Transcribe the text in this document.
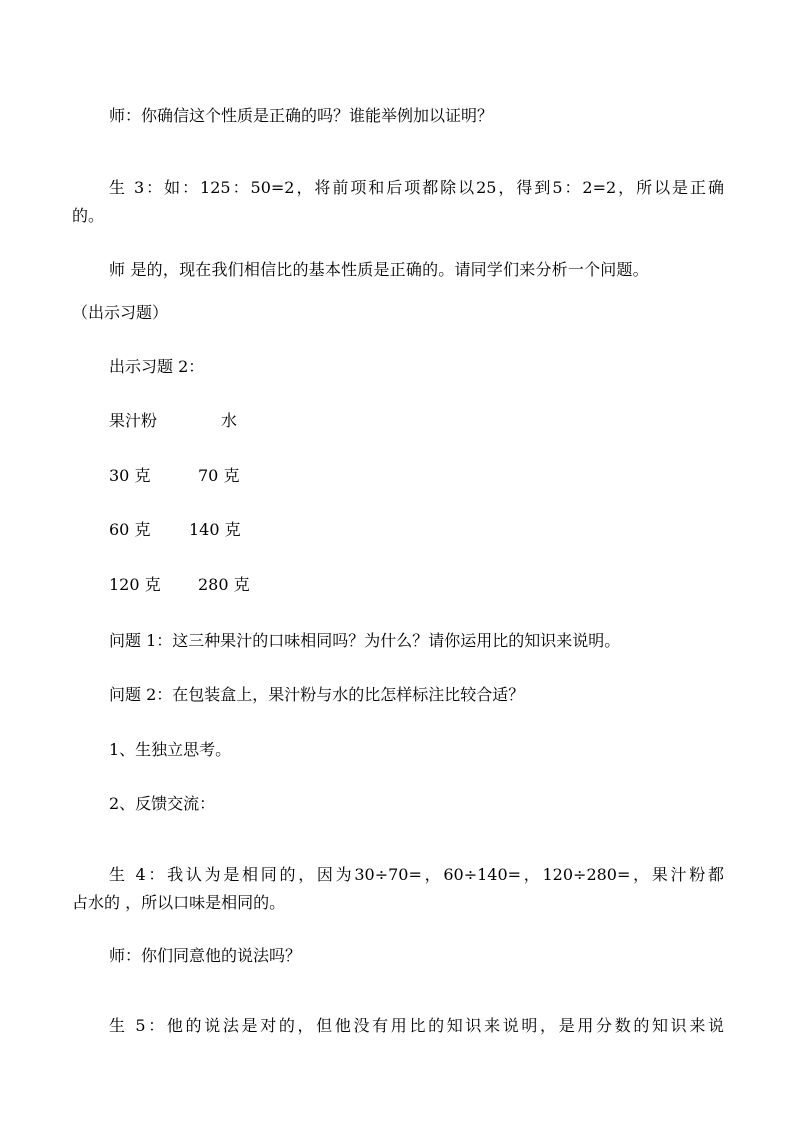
师：你确信这个性质是正确的吗？谁能举例加以证明？

生 3：如：125：50=2，将前项和后项都除以25，得到5：2=2，所以是正确

的。

师 是的，现在我们相信比的基本性质是正确的。请同学们来分析一个问题。

（出示习题）

出示习题 2：

果汁粉	水
30 克	70 克
60 克 140 克
120 克 280 克

问题 1：这三种果汁的口味相同吗？为什么？请你运用比的知识来说明。

问题 2：在包装盒上，果汁粉与水的比怎样标注比较合适？

1、生独立思考。

2、反馈交流：

生 4：我认为是相同的，因为30÷70=，60÷140=，120÷280=，果汁粉都

占水的 ，所以口味是相同的。

师：你们同意他的说法吗？

生 5：他的说法是对的，但他没有用比的知识来说明，是用分数的知识来说
